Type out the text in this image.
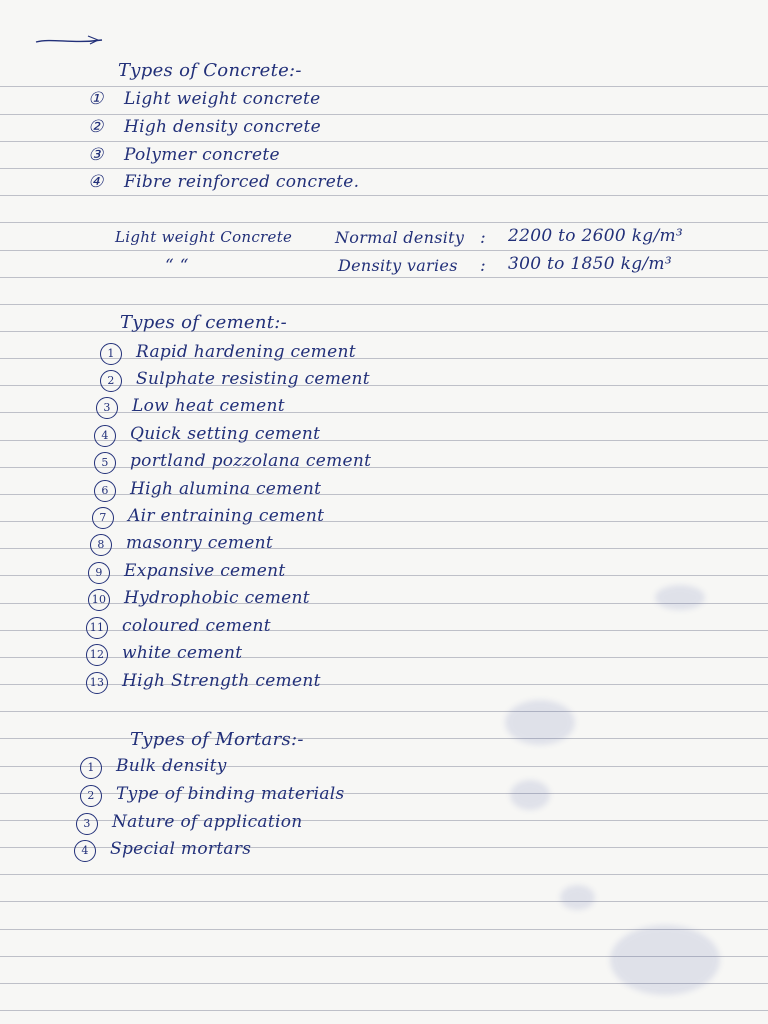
Types of Concrete:-
① Light weight concrete
② High density concrete
③ Polymer concrete
④ Fibre reinforced concrete.
Light weight Concrete	Normal density : 2200 to 2600 kg/m³
“ “	Density varies : 300 to 1850 kg/m³
Types of cement:-
1 Rapid hardening cement
2 Sulphate resisting cement
3 Low heat cement
4 Quick setting cement
5 portland pozzolana cement
6 High alumina cement
7 Air entraining cement
8 masonry cement
9 Expansive cement
10 Hydrophobic cement
11 coloured cement
12 white cement
13 High Strength cement
Types of Mortars:-
1 Bulk density
2 Type of binding materials
3 Nature of application
4 Special mortars
